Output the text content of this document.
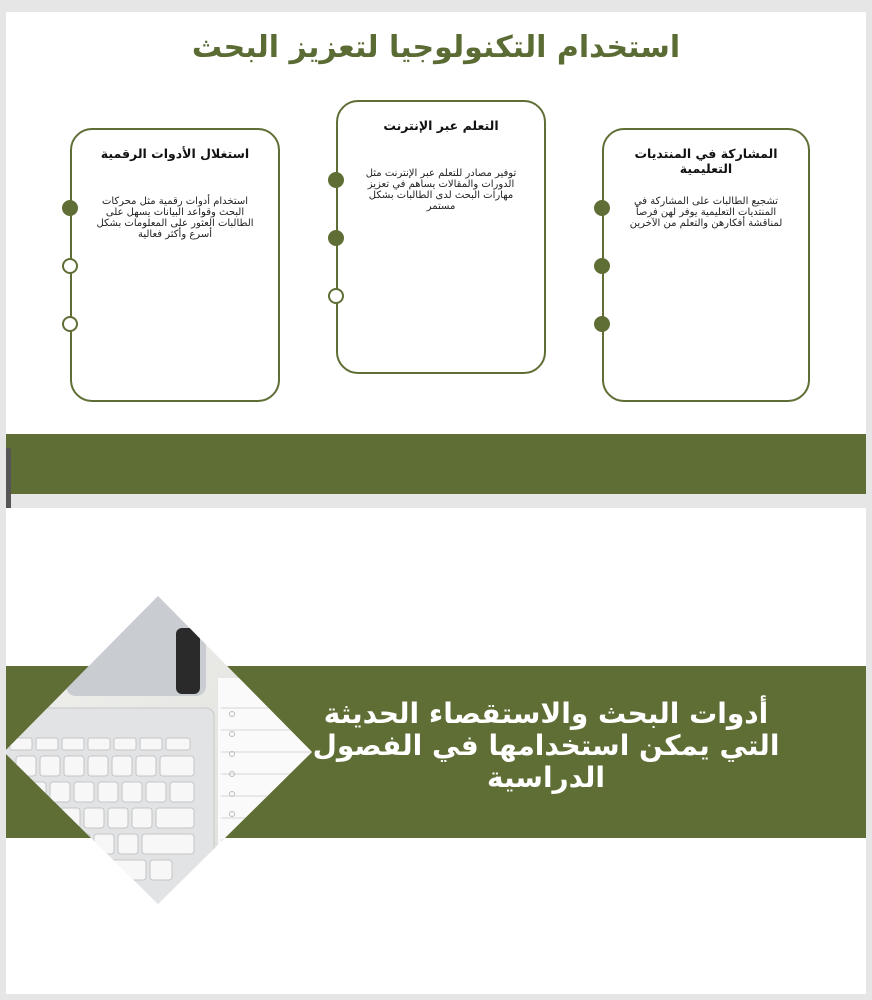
استخدام التكنولوجيا لتعزيز البحث
استغلال الأدوات الرقمية
استخدام أدوات رقمية مثل محركات البحث وقواعد البيانات يسهل على الطالبات العثور على المعلومات بشكل أسرع وأكثر فعالية
التعلم عبر الإنترنت
توفير مصادر للتعلم عبر الإنترنت مثل الدورات والمقالات يساهم في تعزيز مهارات البحث لدى الطالبات بشكل مستمر
المشاركة في المنتديات التعليمية
تشجيع الطالبات على المشاركة في المنتديات التعليمية يوفر لهن فرصاً لمناقشة أفكارهن والتعلم من الآخرين
أدوات البحث والاستقصاء الحديثة التي يمكن استخدامها في الفصول الدراسية
